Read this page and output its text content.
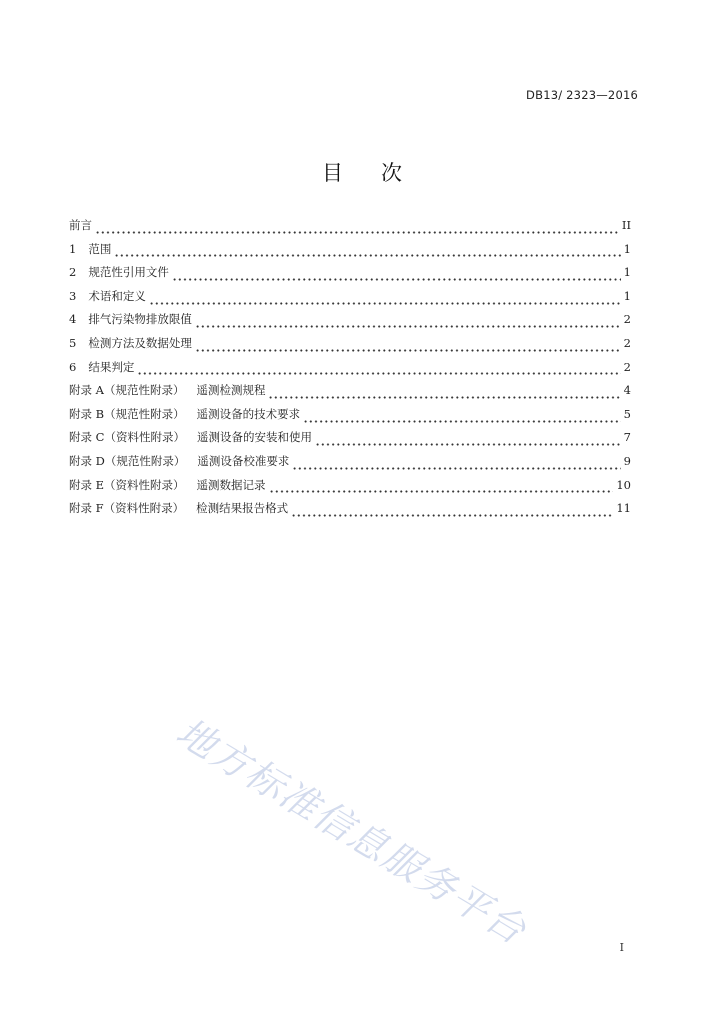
DB13/ 2323—2016
目 次
前言	II
1 范围	1
2 规范性引用文件	1
3 术语和定义	1
4 排气污染物排放限值	2
5 检测方法及数据处理	2
6 结果判定	2
附录 A（规范性附录） 遥测检测规程	4
附录 B（规范性附录） 遥测设备的技术要求	5
附录 C（资料性附录） 遥测设备的安装和使用	7
附录 D（规范性附录） 遥测设备校准要求	9
附录 E（资料性附录） 遥测数据记录	10
附录 F（资料性附录） 检测结果报告格式	11
地方标准信息服务平台	I
